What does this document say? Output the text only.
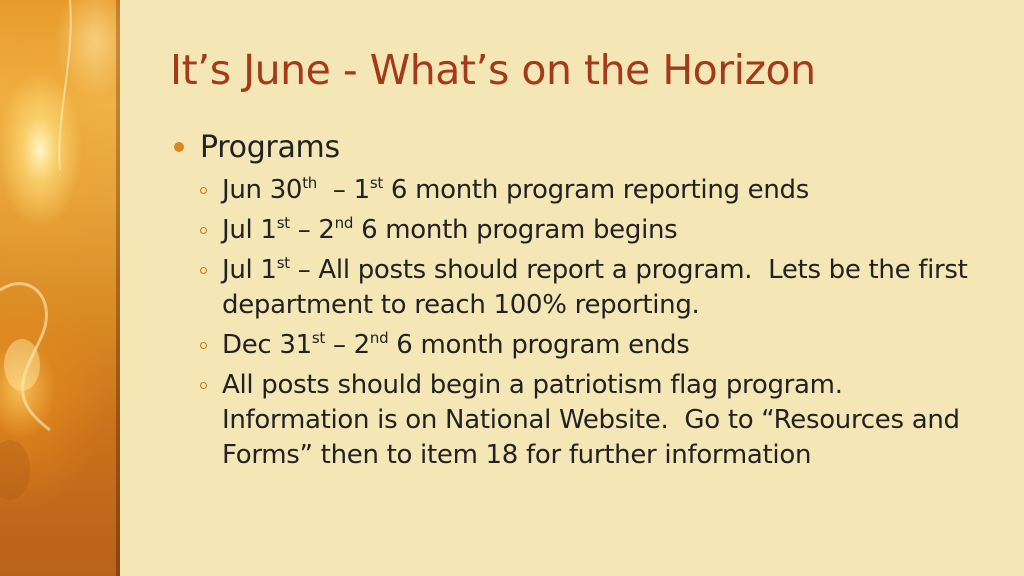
It’s June - What’s on the Horizon
Programs
Jun 30th  – 1st 6 month program reporting ends
Jul 1st – 2nd 6 month program begins
Jul 1st – All posts should report a program.  Lets be the first department to reach 100% reporting.
Dec 31st – 2nd 6 month program ends
All posts should begin a patriotism flag program.  Information is on National Website.  Go to “Resources and Forms” then to item 18 for further information
